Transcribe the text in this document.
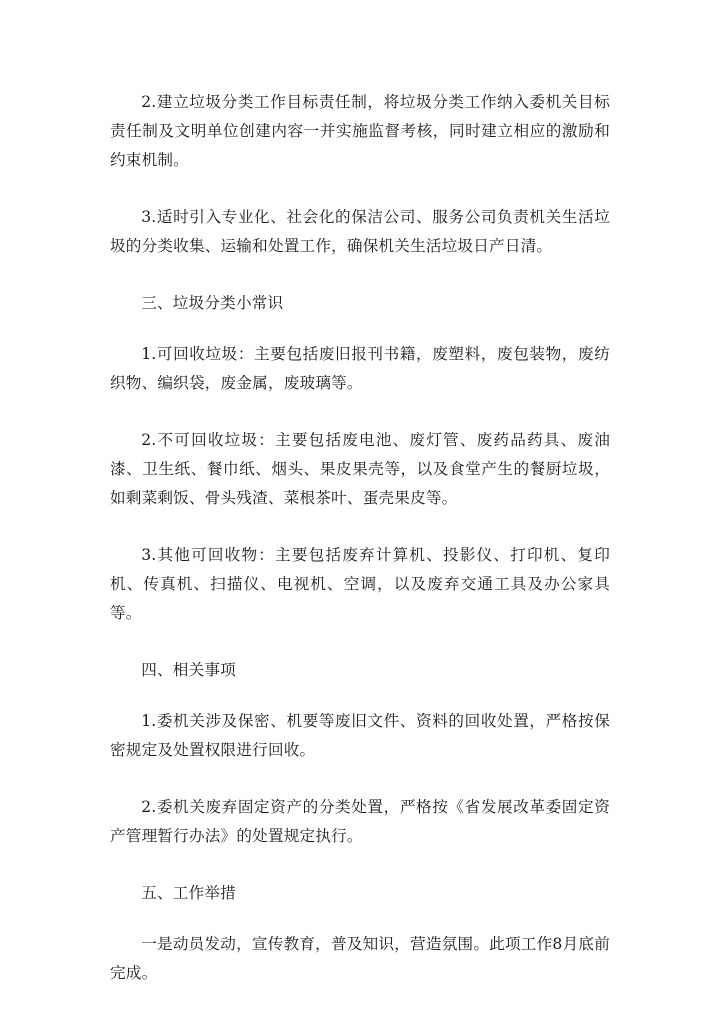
2.建立垃圾分类工作目标责任制，将垃圾分类工作纳入委机关目标责任制及文明单位创建内容一并实施监督考核，同时建立相应的激励和约束机制。

3.适时引入专业化、社会化的保洁公司、服务公司负责机关生活垃圾的分类收集、运输和处置工作，确保机关生活垃圾日产日清。

三、垃圾分类小常识

1.可回收垃圾：主要包括废旧报刊书籍，废塑料，废包装物，废纺织物、编织袋，废金属，废玻璃等。

2.不可回收垃圾：主要包括废电池、废灯管、废药品药具、废油漆、卫生纸、餐巾纸、烟头、果皮果壳等，以及食堂产生的餐厨垃圾，如剩菜剩饭、骨头残渣、菜根茶叶、蛋壳果皮等。

3.其他可回收物：主要包括废弃计算机、投影仪、打印机、复印机、传真机、扫描仪、电视机、空调，以及废弃交通工具及办公家具等。

四、相关事项

1.委机关涉及保密、机要等废旧文件、资料的回收处置，严格按保密规定及处置权限进行回收。

2.委机关废弃固定资产的分类处置，严格按《省发展改革委固定资产管理暂行办法》的处置规定执行。

五、工作举措

一是动员发动，宣传教育，普及知识，营造氛围。此项工作8月底前完成。
